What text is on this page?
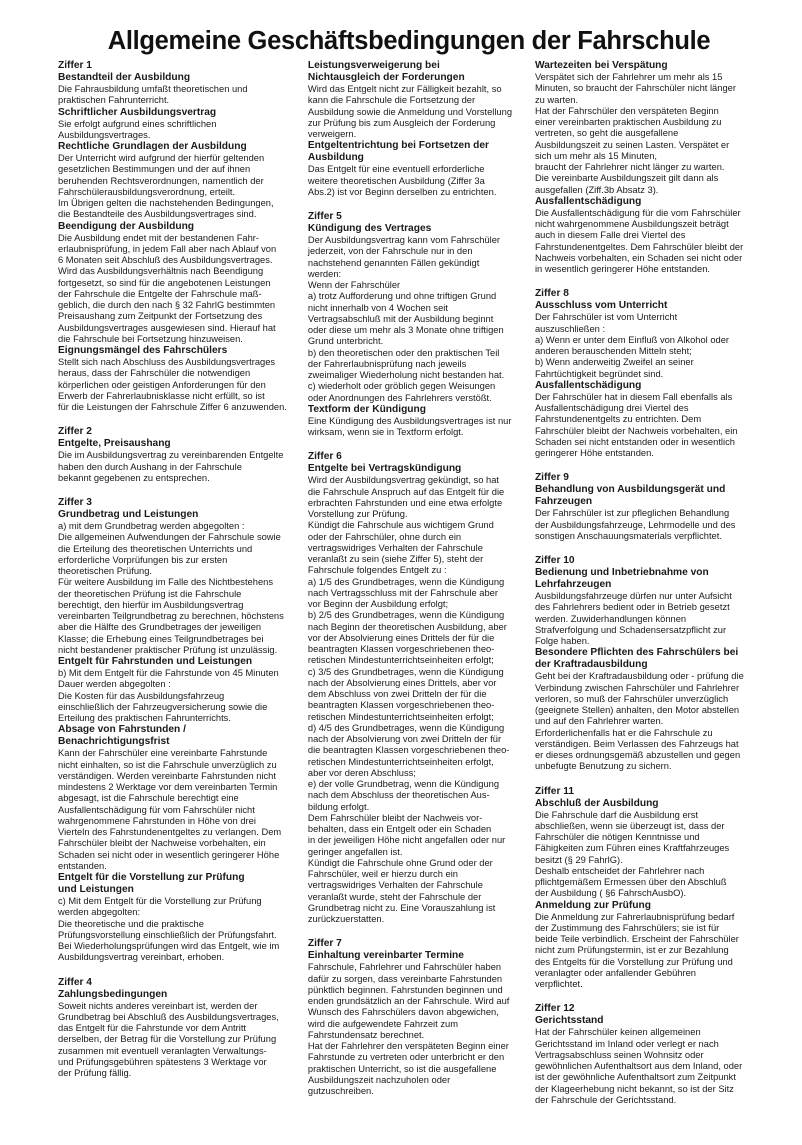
Allgemeine Geschäftsbedingungen der Fahrschule
Ziffer 1
Bestandteil der Ausbildung

Die Fahrausbildung umfaßt theoretischen und
praktischen Fahrunterricht.

Schriftlicher Ausbildungsvertrag

Sie erfolgt aufgrund eines schriftlichen
Ausbildungsvertrages.

Rechtliche Grundlagen der Ausbildung

Der Unterricht wird aufgrund der hierfür geltenden
gesetzlichen Bestimmungen und der auf ihnen
beruhenden Rechtsverordnungen, namentlich der
Fahrschülerausbildungsverordnung, erteilt.
Im Übrigen gelten die nachstehenden Bedingungen,
die Bestandteile des Ausbildungsvertrages sind.

Beendigung der Ausbildung

Die Ausbildung endet mit der bestandenen Fahr-
erlaubnisprüfung, in jedem Fall aber nach Ablauf von
6 Monaten seit Abschluß des Ausbildungsvertrages.
Wird das Ausbildungsverhältnis nach Beendigung
fortgesetzt, so sind für die angebotenen Leistungen
der Fahrschule die Entgelte der Fahrschule maß-
geblich, die durch den nach § 32 FahrlG bestimmten
Preisaushang zum Zeitpunkt der Fortsetzung des
Ausbildungsvertrages ausgewiesen sind. Hierauf hat
die Fahrschule bei Fortsetzung hinzuweisen.

Eignungsmängel des Fahrschülers

Stellt sich nach Abschluss des Ausbildungsvertrages
heraus, dass der Fahrschüler die notwendigen
körperlichen oder geistigen Anforderungen für den
Erwerb der Fahrerlaubnisklasse nicht erfüllt, so ist
für die Leistungen der Fahrschule Ziffer 6 anzuwenden.

Ziffer 2
Entgelte, Preisaushang

Die im Ausbildungsvertrag zu vereinbarenden Entgelte
haben den durch Aushang in der Fahrschule
bekannt gegebenen zu entsprechen.

Ziffer 3
Grundbetrag und Leistungen

a) mit dem Grundbetrag werden abgegolten :
Die allgemeinen Aufwendungen der Fahrschule sowie
die Erteilung des theoretischen Unterrichts und
erforderliche Vorprüfungen bis zur ersten
theoretischen Prüfung.
Für weitere Ausbildung im Falle des Nichtbestehens
der theoretischen Prüfung ist die Fahrschule
berechtigt, den hierfür im Ausbildungsvertrag
vereinbarten Teilgrundbetrag zu berechnen, höchstens
aber die Hälfte des Grundbetrages der jeweiligen
Klasse; die Erhebung eines Teilgrundbetrages bei
nicht bestandener praktischer Prüfung ist unzulässig.

Entgelt für Fahrstunden und Leistungen

b) Mit dem Entgelt für die Fahrstunde von 45 Minuten
Dauer werden abgegolten :
Die Kosten für das Ausbildungsfahrzeug
einschließlich der Fahrzeugversicherung sowie die
Erteilung des praktischen Fahrunterrichts.

Absage von Fahrstunden /
Benachrichtigungsfrist

Kann der Fahrschüler eine vereinbarte Fahrstunde
nicht einhalten, so ist die Fahrschule unverzüglich zu
verständigen. Werden vereinbarte Fahrstunden nicht
mindestens 2 Werktage vor dem vereinbarten Termin
abgesagt, ist die Fahrschule berechtigt eine
Ausfallentschädigung für vom Fahrschüler nicht
wahrgenommene Fahrstunden in Höhe von drei
Vierteln des Fahrstundenentgeltes zu verlangen. Dem
Fahrschüler bleibt der Nachweise vorbehalten, ein
Schaden sei nicht oder in wesentlich geringerer Höhe
entstanden.

Entgelt für die Vorstellung zur Prüfung
und Leistungen

c) Mit dem Entgelt für die Vorstellung zur Prüfung
werden abgegolten:
Die theoretische und die praktische
Prüfungsvorstellung einschließlich der Prüfungsfahrt.
Bei Wiederholungsprüfungen wird das Entgelt, wie im
Ausbildungsvertrag vereinbart, erhoben.

Ziffer 4
Zahlungsbedingungen

Soweit nichts anderes vereinbart ist, werden der
Grundbetrag bei Abschluß des Ausbildungsvertrages,
das Entgelt für die Fahrstunde vor dem Antritt
derselben, der Betrag für die Vorstellung zur Prüfung
zusammen mit eventuell veranlagten Verwaltungs-
und Prüfungsgebühren spätestens 3 Werktage vor
der Prüfung fällig.

Leistungsverweigerung bei
Nichtausgleich der Forderungen

Wird das Entgelt nicht zur Fälligkeit bezahlt, so
kann die Fahrschule die Fortsetzung der
Ausbildung sowie die Anmeldung und Vorstellung
zur Prüfung bis zum Ausgleich der Forderung
verweigern.

Entgeltentrichtung bei Fortsetzen der
Ausbildung

Das Entgelt für eine eventuell erforderliche
weitere theoretischen Ausbildung (Ziffer 3a
Abs.2) ist vor Beginn derselben zu entrichten.

Ziffer 5
Kündigung des Vertrages

Der Ausbildungsvertrag kann vom Fahrschüler
jederzeit, von der Fahrschule nur in den
nachstehend genannten Fällen gekündigt
werden:
Wenn der Fahrschüler
a) trotz Aufforderung und ohne triftigen Grund
nicht innerhalb von 4 Wochen seit
Vertragsabschluß mit der Ausbildung beginnt
oder diese um mehr als 3 Monate ohne triftigen
Grund unterbricht.
b) den theoretischen oder den praktischen Teil
der Fahrerlaubnisprüfung nach jeweils
zweimaliger Wiederholung nicht bestanden hat.
c) wiederholt oder gröblich gegen Weisungen
oder Anordnungen des Fahrlehrers verstößt.

Textform der Kündigung

Eine Kündigung des Ausbildungsvertrages ist nur
wirksam, wenn sie in Textform erfolgt.

Ziffer 6
Entgelte bei Vertragskündigung

Wird der Ausbildungsvertrag gekündigt, so hat
die Fahrschule Anspruch auf das Entgelt für die
erbrachten Fahrstunden und eine etwa erfolgte
Vorstellung zur Prüfung.
Kündigt die Fahrschule aus wichtigem Grund
oder der Fahrschüler, ohne durch ein
vertragswidriges Verhalten der Fahrschule
veranlaßt zu sein (siehe Ziffer 5), steht der
Fahrschule folgendes Entgelt zu :
a) 1/5 des Grundbetrages, wenn die Kündigung
nach Vertragsschluss mit der Fahrschule aber
vor Beginn der Ausbildung erfolgt;
b) 2/5 des Grundbetrages, wenn die Kündigung
nach Beginn der theoretischen Ausbildung, aber
vor der Absolvierung eines Drittels der für die
beantragten Klassen vorgeschriebenen theo-
retischen Mindestunterrichtseinheiten erfolgt;
c) 3/5 des Grundbetrages, wenn die Kündigung
nach der Absolvierung eines Drittels, aber vor
dem Abschluss von zwei Dritteln der für die
beantragten Klassen vorgeschriebenen theo-
retischen Mindestunterrichtseinheiten erfolgt;
d) 4/5 des Grundbetrages, wenn die Kündigung
nach der Absolvierung von zwei Dritteln der für
die beantragten Klassen vorgeschriebenen theo-
retischen Mindestunterrichtseinheiten erfolgt,
aber vor deren Abschluss;
e) der volle Grundbetrag, wenn die Kündigung
nach dem Abschluss der theoretischen Aus-
bildung erfolgt.
Dem Fahrschüler bleibt der Nachweis vor-
behalten, dass ein Entgelt oder ein Schaden
in der jeweiligen Höhe nicht angefallen oder nur
geringer angefallen ist.
Kündigt die Fahrschule ohne Grund oder der
Fahrschüler, weil er hierzu durch ein
vertragswidriges Verhalten der Fahrschule
veranlaßt wurde, steht der Fahrschule der
Grundbetrag nicht zu. Eine Vorauszahlung ist
zurückzuerstatten.

Ziffer 7
Einhaltung vereinbarter Termine

Fahrschule, Fahrlehrer und Fahrschüler haben
dafür zu sorgen, dass vereinbarte Fahrstunden
pünktlich beginnen. Fahrstunden beginnen und
enden grundsätzlich an der Fahrschule. Wird auf
Wunsch des Fahrschülers davon abgewichen,
wird die aufgewendete Fahrzeit zum
Fahrstundensatz berechnet.
Hat der Fahrlehrer den verspäteten Beginn einer
Fahrstunde zu vertreten oder unterbricht er den
praktischen Unterricht, so ist die ausgefallene
Ausbildungszeit nachzuholen oder
gutzuschreiben.

Wartezeiten bei Verspätung

Verspätet sich der Fahrlehrer um mehr als 15
Minuten, so braucht der Fahrschüler nicht länger
zu warten.
Hat der Fahrschüler den verspäteten Beginn
einer vereinbarten praktischen Ausbildung zu
vertreten, so geht die ausgefallene
Ausbildungszeit zu seinen Lasten. Verspätet er
sich um mehr als 15 Minuten,
braucht der Fahrlehrer nicht länger zu warten.
Die vereinbarte Ausbildungszeit gilt dann als
ausgefallen (Ziff.3b Absatz 3).

Ausfallentschädigung

Die Ausfallentschädigung für die vom Fahrschüler
nicht wahrgenommene Ausbildungszeit beträgt
auch in diesem Falle drei Viertel des
Fahrstundenentgeltes. Dem Fahrschüler bleibt der
Nachweis vorbehalten, ein Schaden sei nicht oder
in wesentlich geringerer Höhe entstanden.

Ziffer 8
Ausschluss vom Unterricht

Der Fahrschüler ist vom Unterricht
auszuschließen :
a) Wenn er unter dem Einfluß von Alkohol oder
anderen berauschenden Mitteln steht;
b) Wenn anderweitig Zweifel an seiner
Fahrtüchtigkeit begründet sind.

Ausfallentschädigung

Der Fahrschüler hat in diesem Fall ebenfalls als
Ausfallentschädigung drei Viertel des
Fahrstundenentgelts zu entrichten. Dem
Fahrschüler bleibt der Nachweis vorbehalten, ein
Schaden sei nicht entstanden oder in wesentlich
geringerer Höhe entstanden.

Ziffer 9

Behandlung von Ausbildungsgerät und
Fahrzeugen

Der Fahrschüler ist zur pfleglichen Behandlung
der Ausbildungsfahrzeuge, Lehrmodelle und des
sonstigen Anschauungsmaterials verpflichtet.

Ziffer 10

Bedienung und Inbetriebnahme von
Lehrfahrzeugen

Ausbildungsfahrzeuge dürfen nur unter Aufsicht
des Fahrlehrers bedient oder in Betrieb gesetzt
werden. Zuwiderhandlungen können
Strafverfolgung und Schadensersatzpflicht zur
Folge haben.

Besondere Pflichten des Fahrschülers bei
der Kraftradausbildung

Geht bei der Kraftradausbildung oder - prüfung die
Verbindung zwischen Fahrschüler und Fahrlehrer
verloren, so muß der Fahrschüler unverzüglich
(geeignete Stellen) anhalten, den Motor abstellen
und auf den Fahrlehrer warten.
Erforderlichenfalls hat er die Fahrschule zu
verständigen. Beim Verlassen des Fahrzeugs hat
er dieses ordnungsgemäß abzustellen und gegen
unbefugte Benutzung zu sichern.

Ziffer 11
Abschluß der Ausbildung

Die Fahrschule darf die Ausbildung erst
abschließen, wenn sie überzeugt ist, dass der
Fahrschüler die nötigen Kenntnisse und
Fähigkeiten zum Führen eines Kraftfahrzeuges
besitzt (§ 29 FahrlG).
Deshalb entscheidet der Fahrlehrer nach
pflichtgemäßem Ermessen über den Abschluß
der Ausbildung ( §6 FahrschAusbO).

Anmeldung zur Prüfung

Die Anmeldung zur Fahrerlaubnisprüfung bedarf
der Zustimmung des Fahrschülers; sie ist für
beide Teile verbindlich. Erscheint der Fahrschüler
nicht zum Prüfungstermin, ist er zur Bezahlung
des Entgelts für die Vorstellung zur Prüfung und
veranlagter oder anfallender Gebühren
verpflichtet.

Ziffer 12
Gerichtsstand

Hat der Fahrschüler keinen allgemeinen
Gerichtsstand im Inland oder verlegt er nach
Vertragsabschluss seinen Wohnsitz oder
gewöhnlichen Aufenthaltsort aus dem Inland, oder
ist der gewöhnliche Aufenthaltsort zum Zeitpunkt
der Klageerhebung nicht bekannt, so ist der Sitz
der Fahrschule der Gerichtsstand.
